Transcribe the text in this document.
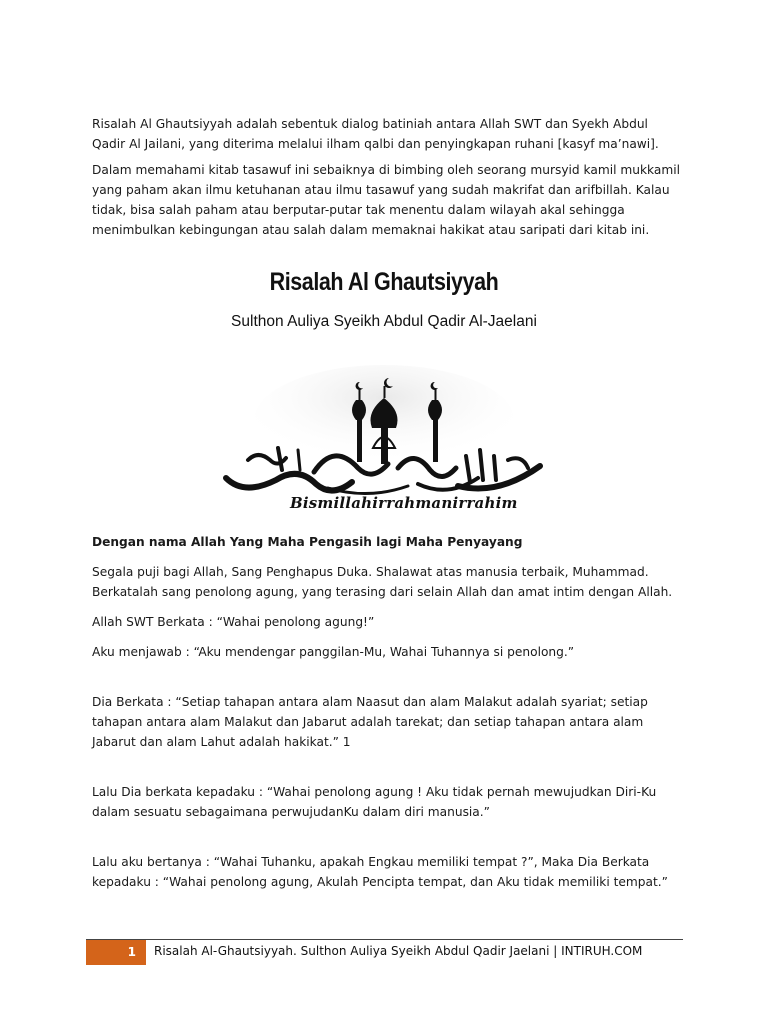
Risalah Al Ghautsiyyah adalah sebentuk dialog batiniah antara Allah SWT dan Syekh Abdul Qadir Al Jailani, yang diterima melalui ilham qalbi dan penyingkapan ruhani [kasyf ma’nawi].

Dalam memahami kitab tasawuf ini sebaiknya di bimbing oleh seorang mursyid kamil mukkamil yang paham akan ilmu ketuhanan atau ilmu tasawuf yang sudah makrifat dan arifbillah. Kalau tidak, bisa salah paham atau berputar-putar tak menentu dalam wilayah akal sehingga menimbulkan kebingungan atau salah dalam memaknai hakikat atau saripati dari kitab ini.

Risalah Al Ghautsiyyah
Sulthon Auliya Syeikh Abdul Qadir Al-Jaelani
Bismillahirrahmanirrahim

Dengan nama Allah Yang Maha Pengasih lagi Maha Penyayang

Segala puji bagi Allah, Sang Penghapus Duka. Shalawat atas manusia terbaik, Muhammad. Berkatalah sang penolong agung, yang terasing dari selain Allah dan amat intim dengan Allah.

Allah SWT Berkata : “Wahai penolong agung!”

Aku menjawab : “Aku mendengar panggilan-Mu, Wahai Tuhannya si penolong.”

Dia Berkata : “Setiap tahapan antara alam Naasut dan alam Malakut adalah syariat; setiap tahapan antara alam Malakut dan Jabarut adalah tarekat; dan setiap tahapan antara alam Jabarut dan alam Lahut adalah hakikat.” 1

Lalu Dia berkata kepadaku : “Wahai penolong agung ! Aku tidak pernah mewujudkan Diri-Ku dalam sesuatu sebagaimana perwujudanKu dalam diri manusia.”

Lalu aku bertanya : “Wahai Tuhanku, apakah Engkau memiliki tempat ?”, Maka Dia Berkata kepadaku : “Wahai penolong agung, Akulah Pencipta tempat, dan Aku tidak memiliki tempat.”

1	Risalah Al-Ghautsiyyah. Sulthon Auliya Syeikh Abdul Qadir Jaelani | INTIRUH.COM
